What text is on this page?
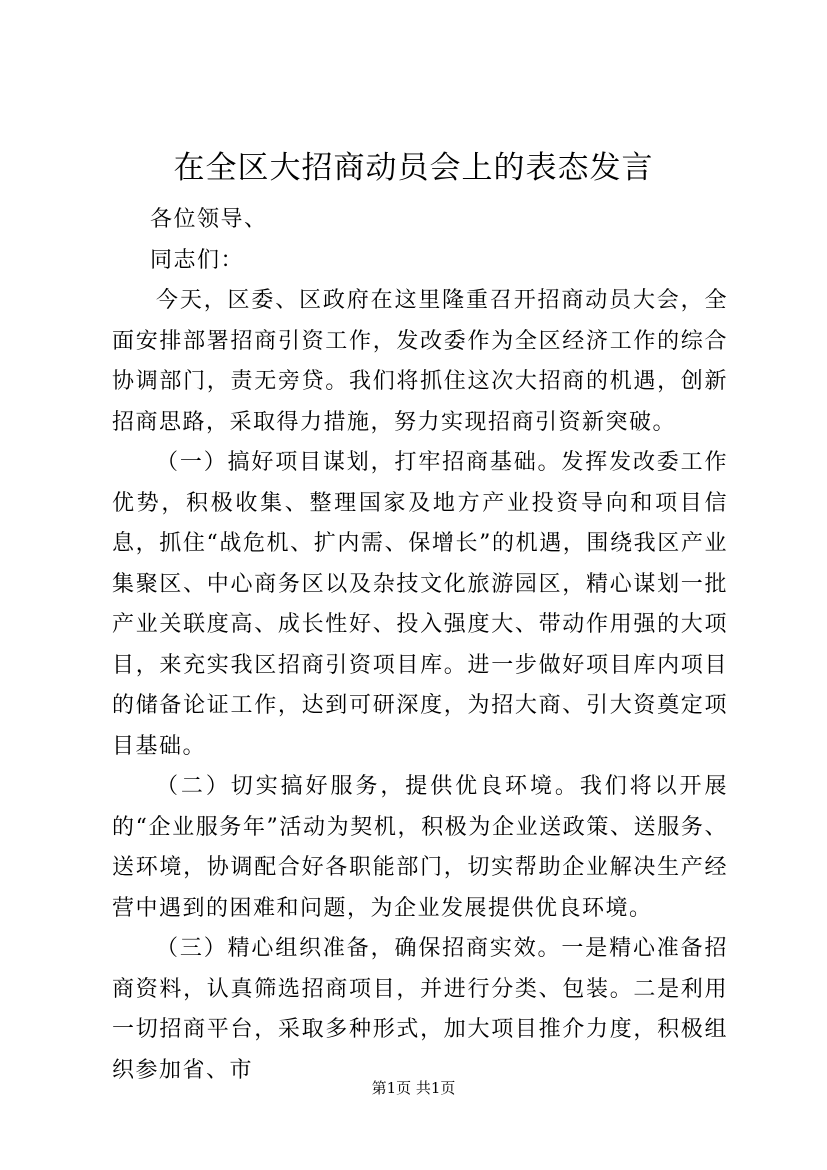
在全区大招商动员会上的表态发言

各位领导、

同志们：

今天，区委、区政府在这里隆重召开招商动员大会，全面安排部署招商引资工作，发改委作为全区经济工作的综合协调部门，责无旁贷。我们将抓住这次大招商的机遇，创新招商思路，采取得力措施，努力实现招商引资新突破。

（一）搞好项目谋划，打牢招商基础。发挥发改委工作优势，积极收集、整理国家及地方产业投资导向和项目信息，抓住“战危机、扩内需、保增长”的机遇，围绕我区产业集聚区、中心商务区以及杂技文化旅游园区，精心谋划一批产业关联度高、成长性好、投入强度大、带动作用强的大项目，来充实我区招商引资项目库。进一步做好项目库内项目的储备论证工作，达到可研深度，为招大商、引大资奠定项目基础。

（二）切实搞好服务，提供优良环境。我们将以开展的“企业服务年”活动为契机，积极为企业送政策、送服务、送环境，协调配合好各职能部门，切实帮助企业解决生产经营中遇到的困难和问题，为企业发展提供优良环境。

（三）精心组织准备，确保招商实效。一是精心准备招商资料，认真筛选招商项目，并进行分类、包装。二是利用一切招商平台，采取多种形式，加大项目推介力度，积极组织参加省、市

第1页 共1页
